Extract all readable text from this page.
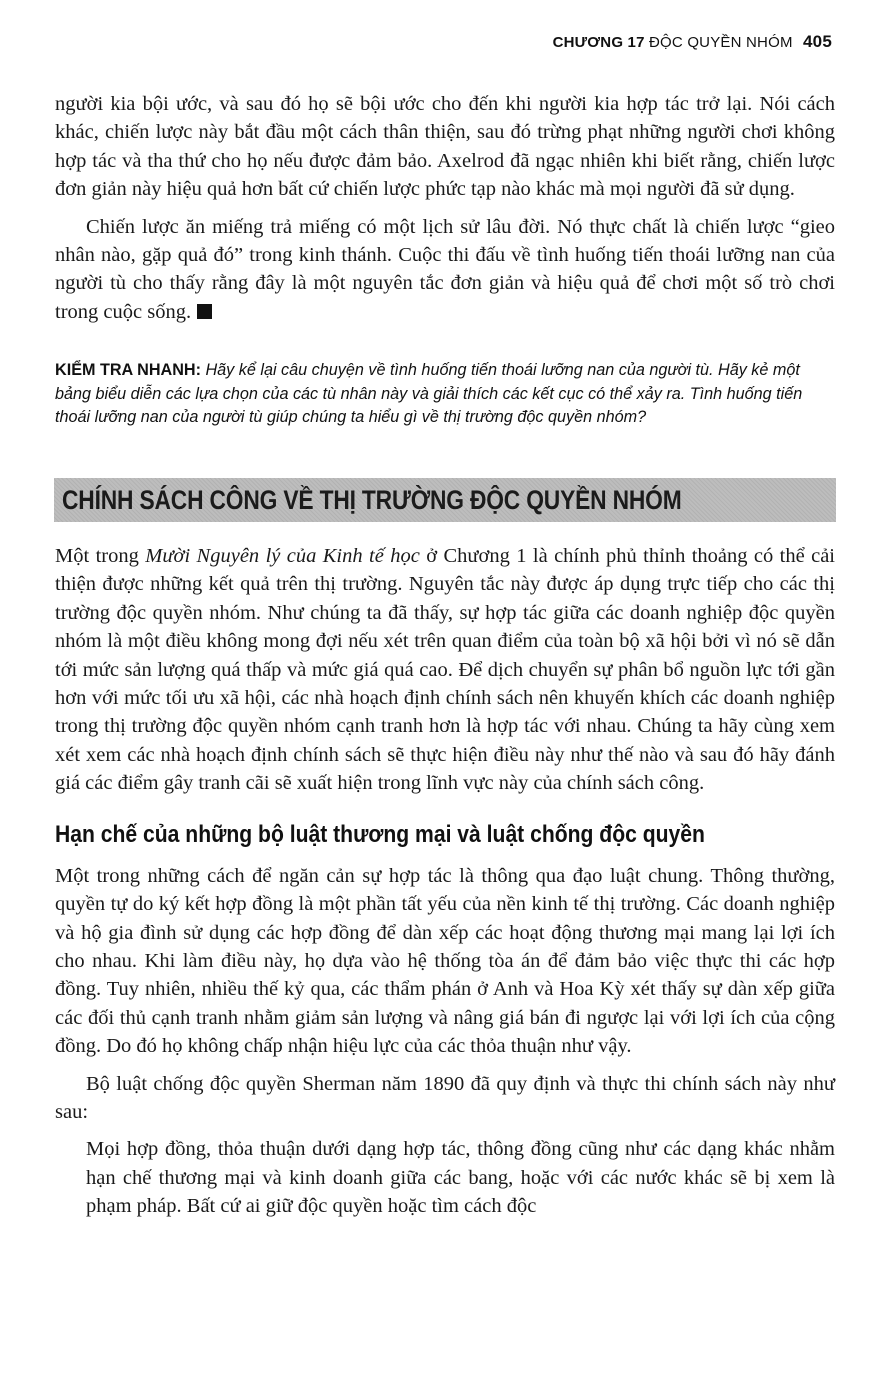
CHƯƠNG 17 ĐỘC QUYỀN NHÓM 405

người kia bội ước, và sau đó họ sẽ bội ước cho đến khi người kia hợp tác trở lại. Nói cách khác, chiến lược này bắt đầu một cách thân thiện, sau đó trừng phạt những người chơi không hợp tác và tha thứ cho họ nếu được đảm bảo. Axelrod đã ngạc nhiên khi biết rằng, chiến lược đơn giản này hiệu quả hơn bất cứ chiến lược phức tạp nào khác mà mọi người đã sử dụng.

Chiến lược ăn miếng trả miếng có một lịch sử lâu đời. Nó thực chất là chiến lược “gieo nhân nào, gặp quả đó” trong kinh thánh. Cuộc thi đấu về tình huống tiến thoái lưỡng nan của người tù cho thấy rằng đây là một nguyên tắc đơn giản và hiệu quả để chơi một số trò chơi trong cuộc sống.

KIỂM TRA NHANH: Hãy kể lại câu chuyện về tình huống tiến thoái lưỡng nan của người tù. Hãy kẻ một bảng biểu diễn các lựa chọn của các tù nhân này và giải thích các kết cục có thể xảy ra. Tình huống tiến thoái lưỡng nan của người tù giúp chúng ta hiểu gì về thị trường độc quyền nhóm?
CHÍNH SÁCH CÔNG VỀ THỊ TRƯỜNG ĐỘC QUYỀN NHÓM

Một trong Mười Nguyên lý của Kinh tế học ở Chương 1 là chính phủ thỉnh thoảng có thể cải thiện được những kết quả trên thị trường. Nguyên tắc này được áp dụng trực tiếp cho các thị trường độc quyền nhóm. Như chúng ta đã thấy, sự hợp tác giữa các doanh nghiệp độc quyền nhóm là một điều không mong đợi nếu xét trên quan điểm của toàn bộ xã hội bởi vì nó sẽ dẫn tới mức sản lượng quá thấp và mức giá quá cao. Để dịch chuyển sự phân bổ nguồn lực tới gần hơn với mức tối ưu xã hội, các nhà hoạch định chính sách nên khuyến khích các doanh nghiệp trong thị trường độc quyền nhóm cạnh tranh hơn là hợp tác với nhau. Chúng ta hãy cùng xem xét xem các nhà hoạch định chính sách sẽ thực hiện điều này như thế nào và sau đó hãy đánh giá các điểm gây tranh cãi sẽ xuất hiện trong lĩnh vực này của chính sách công.

Hạn chế của những bộ luật thương mại và luật chống độc quyền

Một trong những cách để ngăn cản sự hợp tác là thông qua đạo luật chung. Thông thường, quyền tự do ký kết hợp đồng là một phần tất yếu của nền kinh tế thị trường. Các doanh nghiệp và hộ gia đình sử dụng các hợp đồng để dàn xếp các hoạt động thương mại mang lại lợi ích cho nhau. Khi làm điều này, họ dựa vào hệ thống tòa án để đảm bảo việc thực thi các hợp đồng. Tuy nhiên, nhiều thế kỷ qua, các thẩm phán ở Anh và Hoa Kỳ xét thấy sự dàn xếp giữa các đối thủ cạnh tranh nhằm giảm sản lượng và nâng giá bán đi ngược lại với lợi ích của cộng đồng. Do đó họ không chấp nhận hiệu lực của các thỏa thuận như vậy.

Bộ luật chống độc quyền Sherman năm 1890 đã quy định và thực thi chính sách này như sau:

Mọi hợp đồng, thỏa thuận dưới dạng hợp tác, thông đồng cũng như các dạng khác nhằm hạn chế thương mại và kinh doanh giữa các bang, hoặc với các nước khác sẽ bị xem là phạm pháp. Bất cứ ai giữ độc quyền hoặc tìm cách độc
